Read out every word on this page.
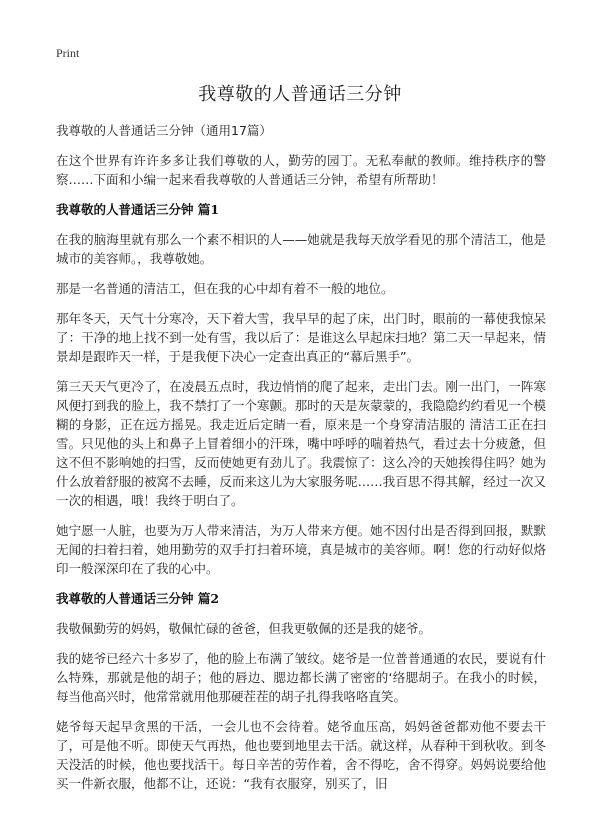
Print
我尊敬的人普通话三分钟
我尊敬的人普通话三分钟（通用17篇）

在这个世界有许许多多让我们尊敬的人，勤劳的园丁。无私奉献的教师。维持秩序的警察……下面和小编一起来看我尊敬的人普通话三分钟，希望有所帮助！

我尊敬的人普通话三分钟 篇1

在我的脑海里就有那么一个素不相识的人——她就是我每天放学看见的那个清洁工，他是城市的美容师。，我尊敬她。

那是一名普通的清洁工，但在我的心中却有着不一般的地位。

那年冬天，天气十分寒冷，天下着大雪，我早早的起了床，出门时，眼前的一幕使我惊呆了：干净的地上找不到一处有雪，我以后了：是谁这么早起床扫地？第二天一早起来，情景却是跟昨天一样，于是我便下决心一定查出真正的“幕后黑手”。

第三天天气更冷了，在凌晨五点时，我边悄悄的爬了起来，走出门去。刚一出门，一阵寒风便打到我的脸上，我不禁打了一个寒颤。那时的天是灰蒙蒙的，我隐隐约约看见一个模糊的身影，正在远方摇晃。我走近后定睛一看，原来是一个身穿清洁服的 清洁工正在扫雪。只见他的头上和鼻子上冒着细小的汗珠，嘴中呼呼的喘着热气，看过去十分疲惫，但这不但不影响她的扫雪，反而使她更有劲儿了。我震惊了：这么冷的天她挨得住吗？她为什么放着舒服的被窝不去睡，反而来这儿为大家服务呢……我百思不得其解，经过一次又一次的相遇，哦！我终于明白了。

她宁愿一人脏，也要为万人带来清洁，为万人带来方便。她不因付出是否得到回报，默默无闻的扫着扫着，她用勤劳的双手打扫着环境，真是城市的美容师。啊！您的行动好似烙印一般深深印在了我的心中。

我尊敬的人普通话三分钟 篇2

我敬佩勤劳的妈妈，敬佩忙碌的爸爸，但我更敬佩的还是我的姥爷。

我的姥爷已经六十多岁了，他的脸上布满了皱纹。姥爷是一位普普通通的农民，要说有什么特殊，那就是他的胡子；他的唇边、腮边都长满了密密的‘络腮胡子。在我小的时候，每当他高兴时，他常常就用他那硬茬茬的胡子扎得我咯咯直笑。

姥爷每天起早贪黑的干活，一会儿也不会待着。姥爷血压高，妈妈爸爸都劝他不要去干了，可是他不听。即使天气再热，他也要到地里去干活。就这样，从春种干到秋收。到冬天没活的时候，他也要找活干。每日辛苦的劳作着，舍不得吃，舍不得穿。妈妈说要给他买一件新衣服，他都不让，还说：“我有衣服穿，别买了，旧
